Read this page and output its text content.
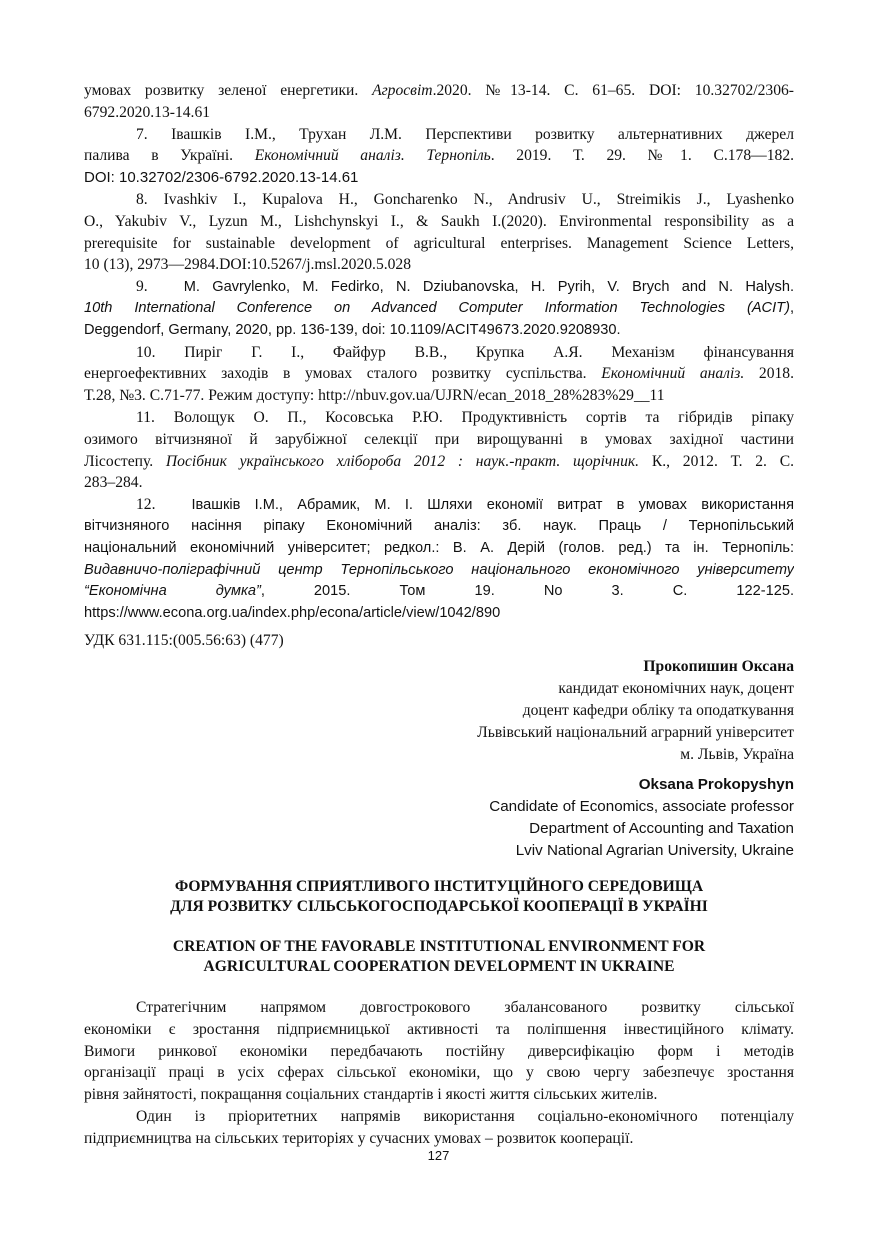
умовах розвитку зеленої енергетики. Агросвіт.2020. №13-14. С. 61–65. DOI: 10.32702/2306-
6792.2020.13-14.61
7. Івашків І.М., Трухан Л.М. Перспективи розвитку альтернативних джерел
палива в Україні. Економічний аналіз. Тернопіль. 2019. Т. 29. №1. С.178—182.
DOI: 10.32702/2306-6792.2020.13-14.61
8. Ivashkiv I., Kupalova H., Goncharenko N., Andrusiv U., Streimikis J., Lyashenko
O., Yakubiv V., Lyzun M., Lishchynskyi I., & Saukh I.(2020). Environmental responsibility as a
prerequisite for sustainable development of agricultural enterprises. Management Science Letters,
10 (13), 2973—2984.DOI:10.5267/j.msl.2020.5.028
9. M. Gavrylenko, M. Fedirko, N. Dziubanovska, H. Pyrih, V. Brych and N. Halysh.
10th International Conference on Advanced Computer Information Technologies (ACIT),
Deggendorf, Germany, 2020, pp. 136-139, doi: 10.1109/ACIT49673.2020.9208930.
10. Пиріг Г. І., Файфур В.В., Крупка А.Я. Механізм фінансування
енергоефективних заходів в умовах сталого розвитку суспільства. Економічний аналіз. 2018.
Т.28, №3. С.71-77. Режим доступу: http://nbuv.gov.ua/UJRN/ecan_2018_28%283%29__11
11. Волощук О. П., Косовська Р.Ю. Продуктивність сортів та гібридів ріпаку
озимого вітчизняної й зарубіжної селекції при вирощуванні в умовах західної частини
Лісостепу. Посібник українського хлібороба 2012 : наук.-практ. щорічник. К., 2012. Т. 2. С.
283–284.
12. Івашків І.М., Абрамик, М. І. Шляхи економії витрат в умовах використання
вітчизняного насіння ріпаку Економічний аналіз: зб. наук. Праць / Тернопільський
національний економічний університет; редкол.: В. А. Дерій (голов. ред.) та ін. Тернопіль:
Видавничо-поліграфічний центр Тернопільського національного економічного університету
“Економічна думка”, 2015. Том 19. No 3. С. 122-125.
https://www.econa.org.ua/index.php/econa/article/view/1042/890
УДК 631.115:(005.56:63) (477)
Прокопишин Оксана
кандидат економічних наук, доцент
доцент кафедри обліку та оподаткування
Львівський національний аграрний університет
м. Львів, Україна
Oksana Prokopyshyn
Candidate of Economics, associate professor
Department of Accounting and Taxation
Lviv National Agrarian University, Ukraine

ФОРМУВАННЯ СПРИЯТЛИВОГО ІНСТИТУЦІЙНОГО СЕРЕДОВИЩА

ДЛЯ РОЗВИТКУ СІЛЬСЬКОГОСПОДАРСЬКОЇ КООПЕРАЦІЇ В УКРАЇНІ

CREATION OF THE FAVORABLE INSTITUTIONAL ENVIRONMENT FOR

AGRICULTURAL COOPERATION DEVELOPMENT IN UKRAINE

Стратегічним напрямом довгострокового збалансованого розвитку сільської
економіки є зростання підприємницької активності та поліпшення інвестиційного клімату.
Вимоги ринкової економіки передбачають постійну диверсифікацію форм і методів
організації праці в усіх сферах сільської економіки, що у свою чергу забезпечує зростання
рівня зайнятості, покращання соціальних стандартів і якості життя сільських жителів.
Один із пріоритетних напрямів використання соціально-економічного потенціалу
підприємництва на сільських територіях у сучасних умовах – розвиток кооперації.
127
